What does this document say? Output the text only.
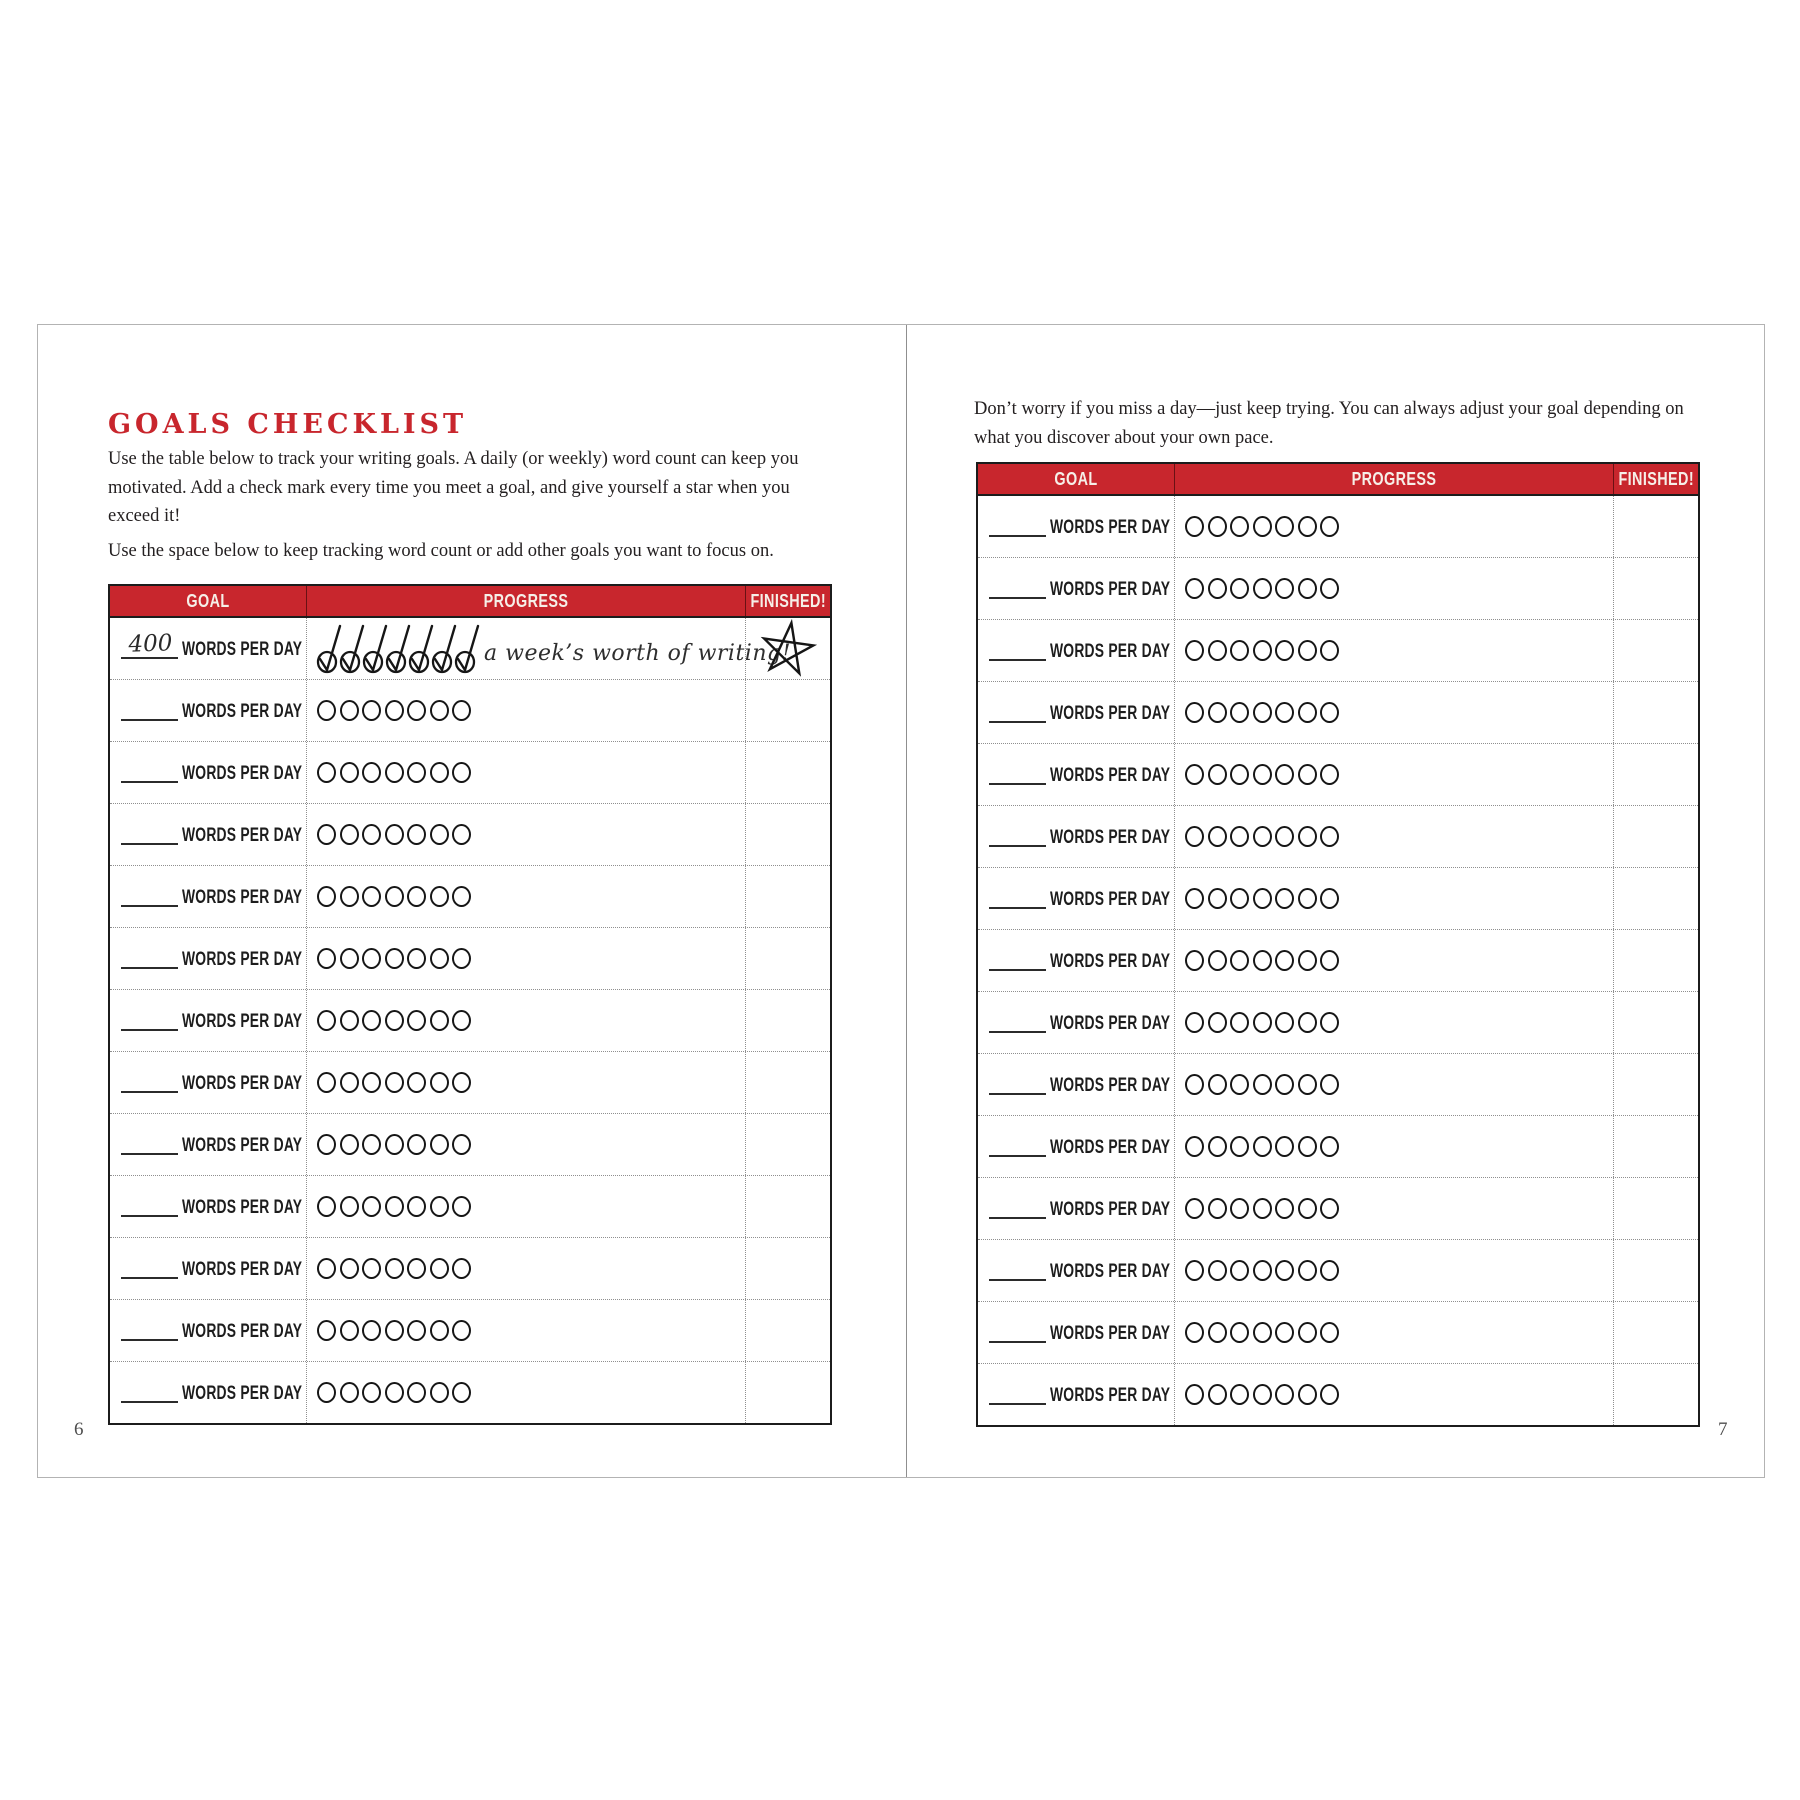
GOALS CHECKLIST
Use the table below to track your writing goals. A daily (or weekly) word count can keep you
motivated. Add a check mark every time you meet a goal, and give yourself a star when you
exceed it!
Use the space below to keep tracking word count or add other goals you want to focus on.
GOAL	PROGRESS	FINISHED!
400 WORDS PER DAY	a week’s worth of writing!
WORDS PER DAY
WORDS PER DAY
WORDS PER DAY
WORDS PER DAY
WORDS PER DAY
WORDS PER DAY
WORDS PER DAY
WORDS PER DAY
WORDS PER DAY
WORDS PER DAY
WORDS PER DAY
WORDS PER DAY
6
Don’t worry if you miss a day—just keep trying. You can always adjust your goal depending on
what you discover about your own pace.
GOAL	PROGRESS	FINISHED!
WORDS PER DAY
WORDS PER DAY
WORDS PER DAY
WORDS PER DAY
WORDS PER DAY
WORDS PER DAY
WORDS PER DAY
WORDS PER DAY
WORDS PER DAY
WORDS PER DAY
WORDS PER DAY
WORDS PER DAY
WORDS PER DAY
WORDS PER DAY
WORDS PER DAY
7
